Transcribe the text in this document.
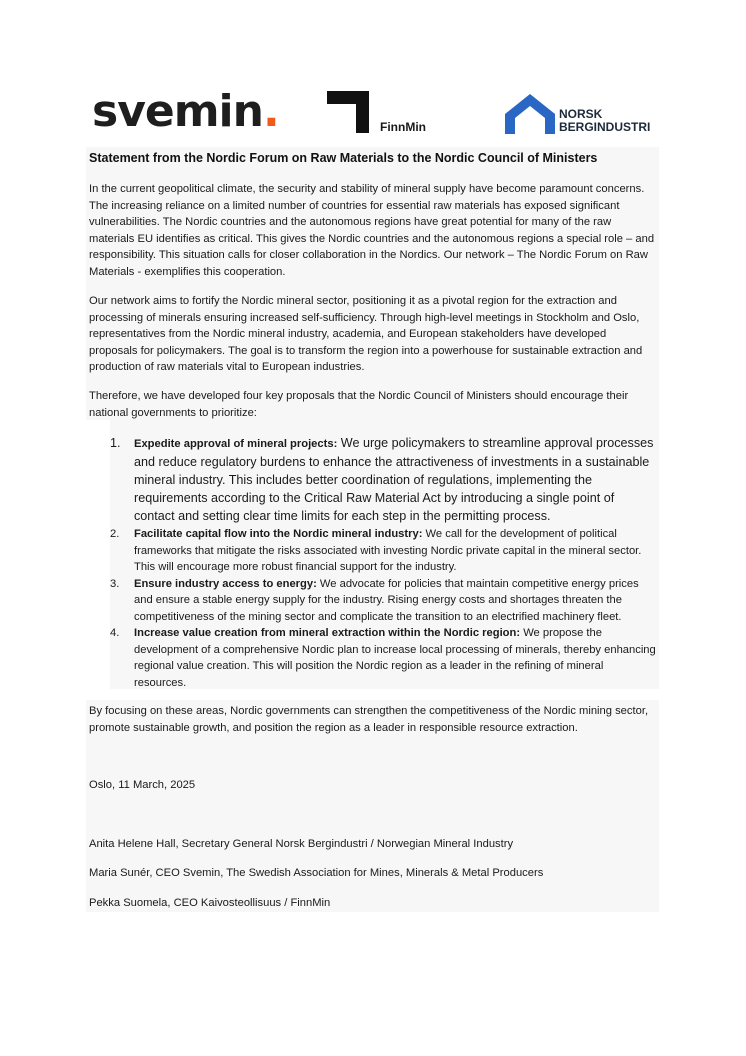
svemin.	FinnMin
NORSK
BERGINDUSTRI
Statement from the Nordic Forum on Raw Materials to the Nordic Council of Ministers

In the current geopolitical climate, the security and stability of mineral supply have become paramount concerns. The increasing reliance on a limited number of countries for essential raw materials has exposed significant vulnerabilities. The Nordic countries and the autonomous regions have great potential for many of the raw materials EU identifies as critical. This gives the Nordic countries and the autonomous regions a special role – and responsibility. This situation calls for closer collaboration in the Nordics. Our network – The Nordic Forum on Raw Materials - exemplifies this cooperation.

Our network aims to fortify the Nordic mineral sector, positioning it as a pivotal region for the extraction and processing of minerals ensuring increased self-sufficiency. Through high-level meetings in Stockholm and Oslo, representatives from the Nordic mineral industry, academia, and European stakeholders have developed proposals for policymakers. The goal is to transform the region into a powerhouse for sustainable extraction and production of raw materials vital to European industries.

Therefore, we have developed four key proposals that the Nordic Council of Ministers should encourage their national governments to prioritize:

1. Expedite approval of mineral projects: We urge policymakers to streamline approval processes and reduce regulatory burdens to enhance the attractiveness of investments in a sustainable mineral industry. This includes better coordination of regulations, implementing the requirements according to the Critical Raw Material Act by introducing a single point of contact and setting clear time limits for each step in the permitting process.
2. Facilitate capital flow into the Nordic mineral industry: We call for the development of political frameworks that mitigate the risks associated with investing Nordic private capital in the mineral sector. This will encourage more robust financial support for the industry.
3. Ensure industry access to energy: We advocate for policies that maintain competitive energy prices and ensure a stable energy supply for the industry. Rising energy costs and shortages threaten the competitiveness of the mining sector and complicate the transition to an electrified machinery fleet.
4. Increase value creation from mineral extraction within the Nordic region: We propose the development of a comprehensive Nordic plan to increase local processing of minerals, thereby enhancing regional value creation. This will position the Nordic region as a leader in the refining of mineral resources.

By focusing on these areas, Nordic governments can strengthen the competitiveness of the Nordic mining sector, promote sustainable growth, and position the region as a leader in responsible resource extraction.

Oslo, 11 March, 2025
Anita Helene Hall, Secretary General Norsk Bergindustri / Norwegian Mineral Industry
Maria Sunér, CEO Svemin, The Swedish Association for Mines, Minerals & Metal Producers
Pekka Suomela, CEO Kaivosteollisuus / FinnMin
